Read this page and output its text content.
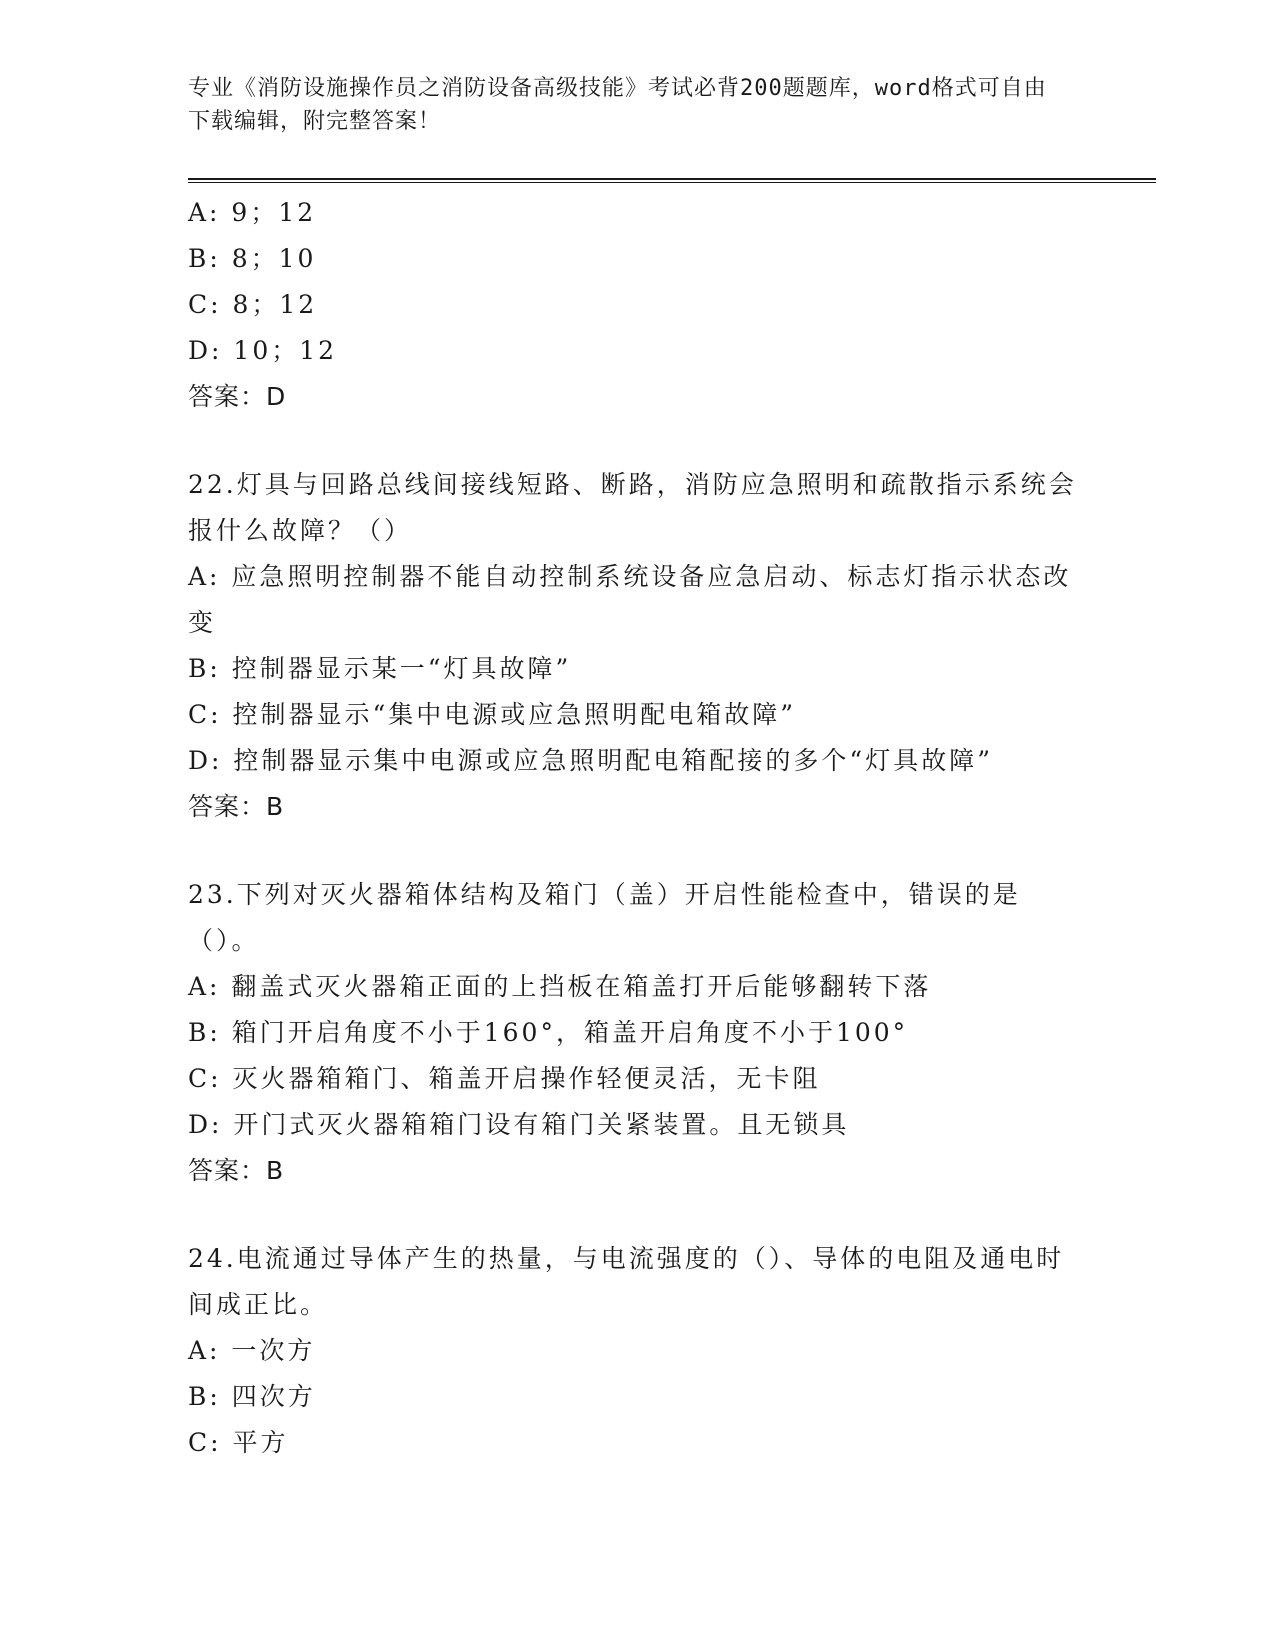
专业《消防设施操作员之消防设备高级技能》考试必背200题题库，word格式可自由下载编辑，附完整答案！
A: 9；12
B: 8；10
C: 8；12
D: 10；12
答案：D
22.灯具与回路总线间接线短路、断路，消防应急照明和疏散指示系统会报什么故障？（）
A: 应急照明控制器不能自动控制系统设备应急启动、标志灯指示状态改变
B: 控制器显示某一“灯具故障”
C: 控制器显示“集中电源或应急照明配电箱故障”
D: 控制器显示集中电源或应急照明配电箱配接的多个“灯具故障”
答案：B
23.下列对灭火器箱体结构及箱门（盖）开启性能检查中，错误的是（）。
A: 翻盖式灭火器箱正面的上挡板在箱盖打开后能够翻转下落
B: 箱门开启角度不小于160°，箱盖开启角度不小于100°
C: 灭火器箱箱门、箱盖开启操作轻便灵活，无卡阻
D: 开门式灭火器箱箱门设有箱门关紧装置。且无锁具
答案：B
24.电流通过导体产生的热量，与电流强度的（）、导体的电阻及通电时间成正比。
A: 一次方
B: 四次方
C: 平方
